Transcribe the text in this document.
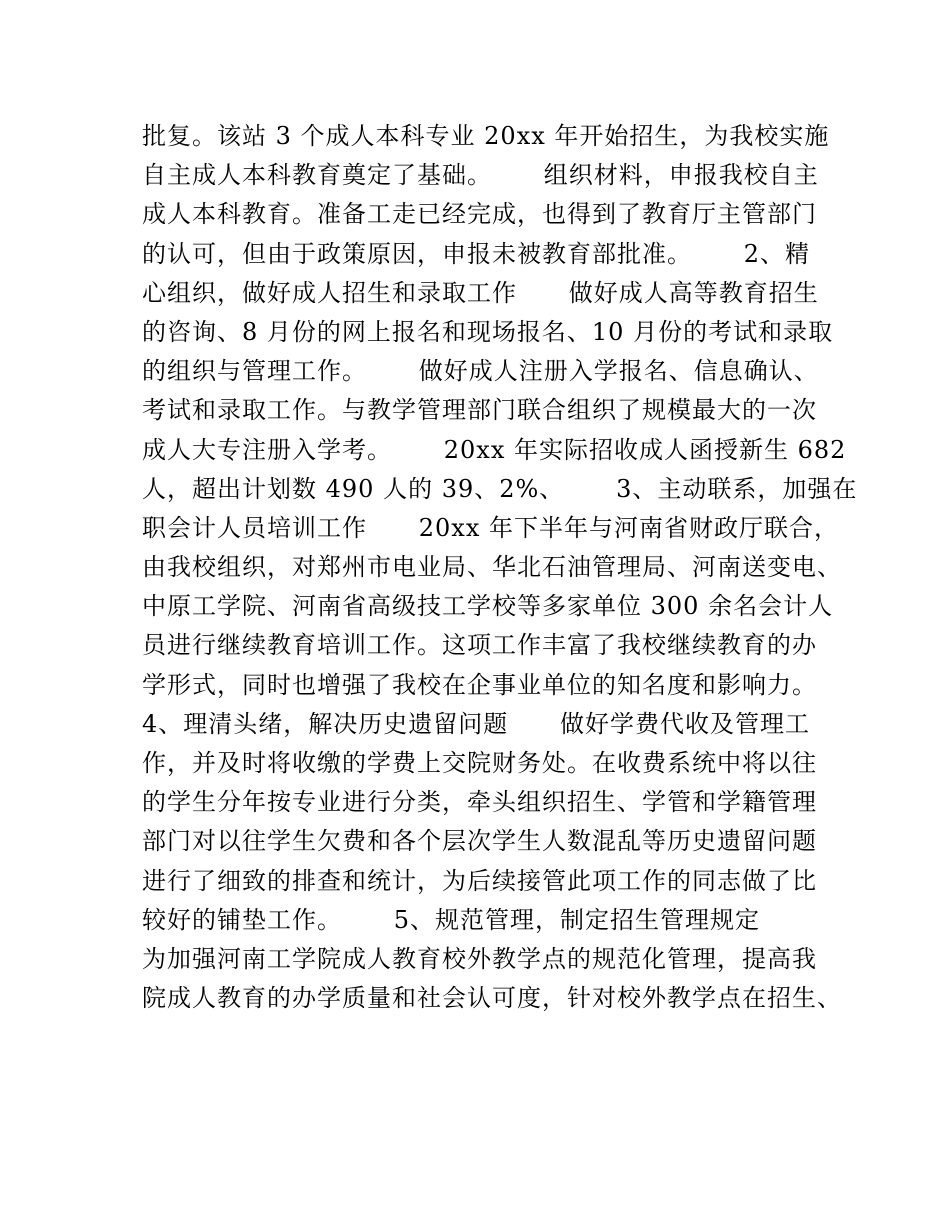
批复。该站 3 个成人本科专业 20xx 年开始招生，为我校实施
自主成人本科教育奠定了基础。      组织材料，申报我校自主
成人本科教育。准备工走已经完成，也得到了教育厅主管部门
的认可，但由于政策原因，申报未被教育部批准。      2、精
心组织，做好成人招生和录取工作      做好成人高等教育招生
的咨询、8 月份的网上报名和现场报名、10 月份的考试和录取
的组织与管理工作。      做好成人注册入学报名、信息确认、
考试和录取工作。与教学管理部门联合组织了规模最大的一次
成人大专注册入学考。      20xx 年实际招收成人函授新生 682
人，超出计划数 490 人的 39、2%、      3、主动联系，加强在
职会计人员培训工作      20xx 年下半年与河南省财政厅联合，
由我校组织，对郑州市电业局、华北石油管理局、河南送变电、
中原工学院、河南省高级技工学校等多家单位 300 余名会计人
员进行继续教育培训工作。这项工作丰富了我校继续教育的办
学形式，同时也增强了我校在企事业单位的知名度和影响力。
4、理清头绪，解决历史遗留问题      做好学费代收及管理工
作，并及时将收缴的学费上交院财务处。在收费系统中将以往
的学生分年按专业进行分类，牵头组织招生、学管和学籍管理
部门对以往学生欠费和各个层次学生人数混乱等历史遗留问题
进行了细致的排查和统计，为后续接管此项工作的同志做了比
较好的铺垫工作。      5、规范管理，制定招生管理规定
为加强河南工学院成人教育校外教学点的规范化管理，提高我
院成人教育的办学质量和社会认可度，针对校外教学点在招生、
